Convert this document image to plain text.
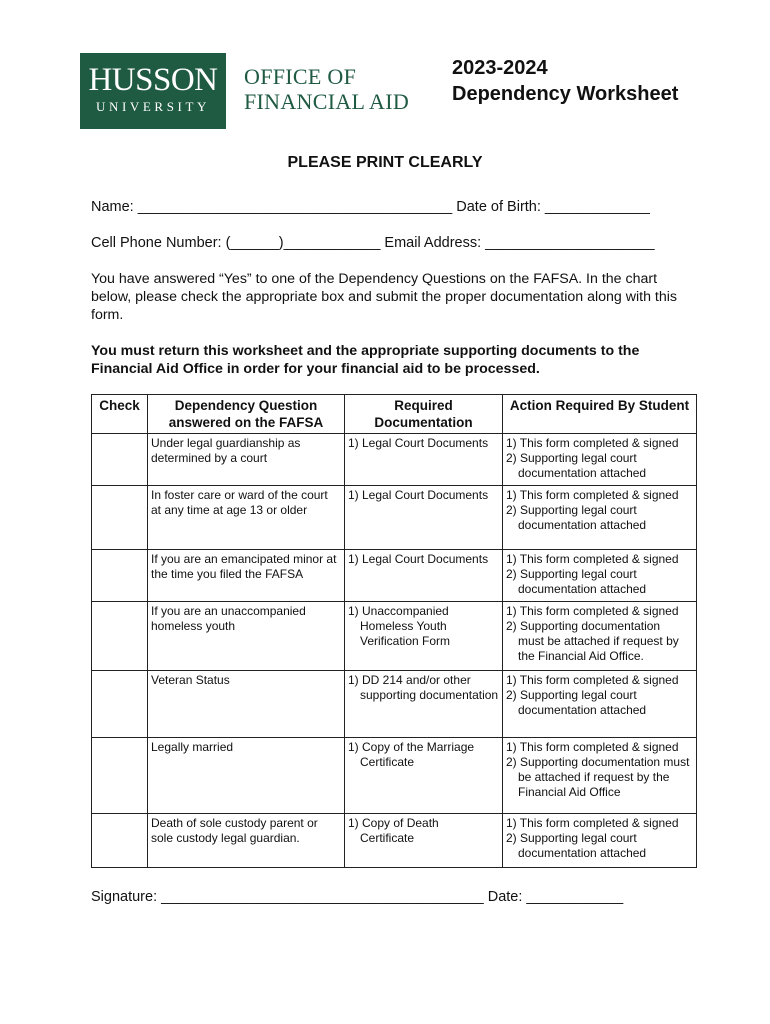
HUSSON
UNIVERSITY
OFFICE OF
FINANCIAL AID
2023-2024
Dependency Worksheet
PLEASE PRINT CLEARLY
Name: _______________________________________ Date of Birth: _____________
Cell Phone Number: (______)____________ Email Address: _____________________
You have answered “Yes” to one of the Dependency Questions on the FAFSA. In the chart below, please check the appropriate box and submit the proper documentation along with this form.
You must return this worksheet and the appropriate supporting documents to the Financial Aid Office in order for your financial aid to be processed.
Check	Dependency Question answered on the FAFSA	Required Documentation	Action Required By Student
	Under legal guardianship as determined by a court	1) Legal Court Documents	1) This form completed & signed
2) Supporting legal court
documentation attached

	In foster care or ward of the court at any time at age 13 or older	1) Legal Court Documents	1) This form completed & signed
2) Supporting legal court
documentation attached

	If you are an emancipated minor at the time you filed the FAFSA	1) Legal Court Documents	1) This form completed & signed
2) Supporting legal court
documentation attached

	If you are an unaccompanied homeless youth	1) Unaccompanied
Homeless Youth Verification Form	1) This form completed & signed
2) Supporting documentation
must be attached if request by the Financial Aid Office.

	Veteran Status	1) DD 214 and/or other
supporting documentation	1) This form completed & signed
2) Supporting legal court
documentation attached

	Legally married	1) Copy of the Marriage
Certificate	1) This form completed & signed
2) Supporting documentation must be attached if request by the Financial Aid Office

	Death of sole custody parent or sole custody legal guardian.	1) Copy of Death
Certificate	1) This form completed & signed
2) Supporting legal court
documentation attached
Signature: ________________________________________ Date: ____________
